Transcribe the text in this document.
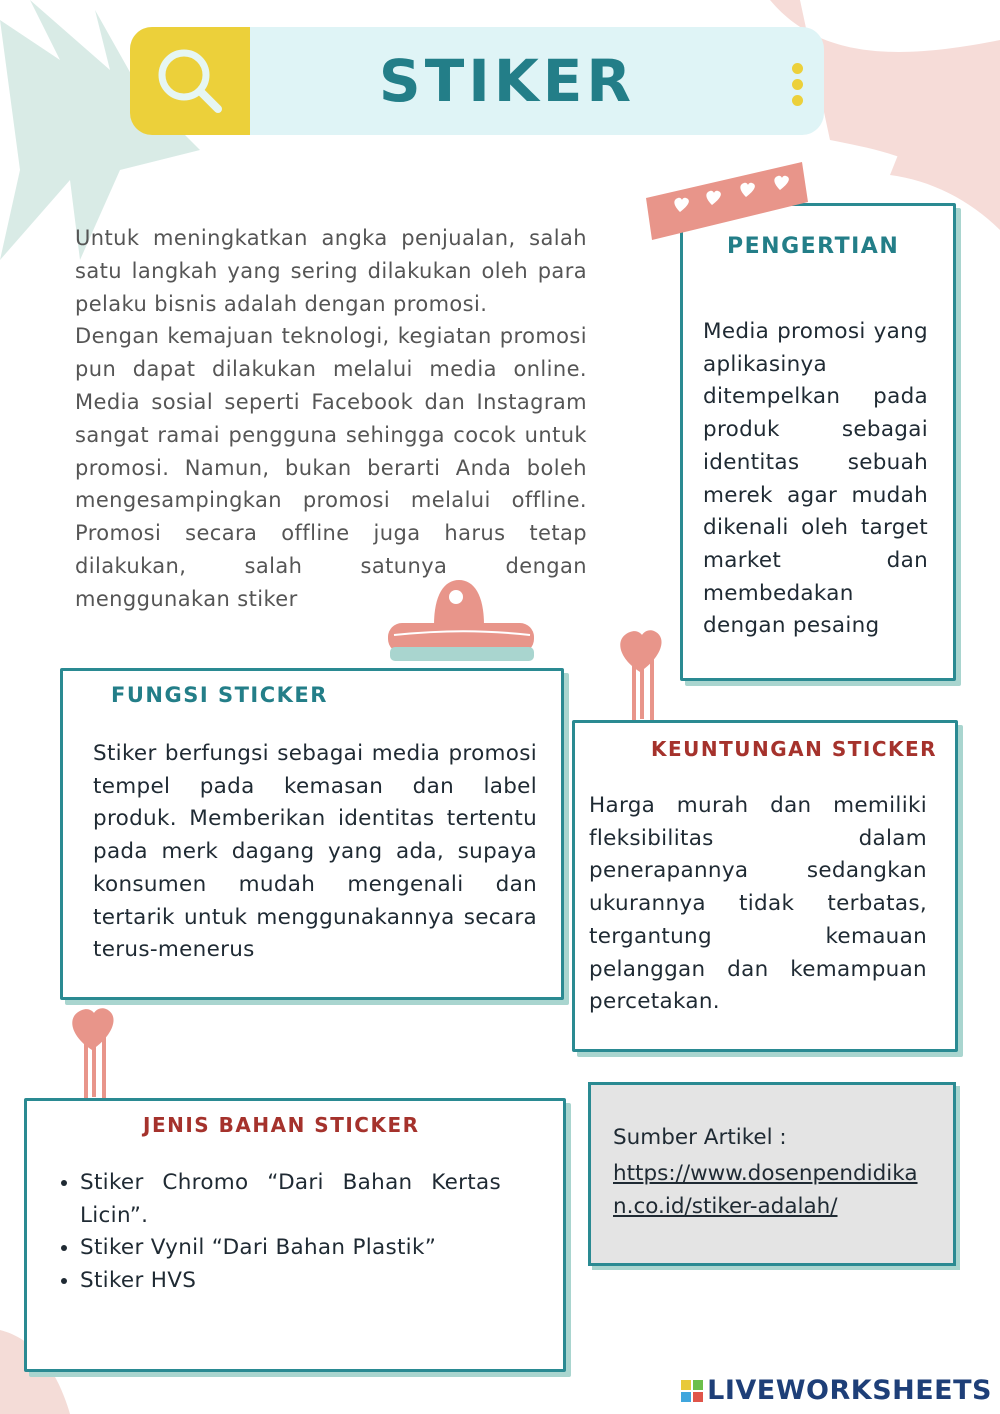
STIKER

Untuk meningkatkan angka penjualan, salah satu langkah yang sering dilakukan oleh para pelaku bisnis adalah dengan promosi.

Dengan kemajuan teknologi, kegiatan promosi pun dapat dilakukan melalui media online. Media sosial seperti Facebook dan Instagram sangat ramai pengguna sehingga cocok untuk promosi. Namun, bukan berarti Anda boleh mengesampingkan promosi melalui offline. Promosi secara offline juga harus tetap dilakukan, salah satunya dengan menggunakan stiker

PENGERTIAN
Media promosi yang aplikasinya ditempelkan pada produk sebagai identitas sebuah merek agar mudah dikenali oleh target market dan membedakan dengan pesaing
FUNGSI STICKER
Stiker berfungsi sebagai media promosi tempel pada kemasan dan label produk. Memberikan identitas tertentu pada merk dagang yang ada, supaya konsumen mudah mengenali dan tertarik untuk menggunakannya secara terus-menerus
KEUNTUNGAN STICKER
Harga murah dan memiliki fleksibilitas dalam penerapannya sedangkan ukurannya tidak terbatas, tergantung kemauan pelanggan dan kemampuan percetakan.
JENIS BAHAN STICKER
• Stiker Chromo “Dari Bahan Kertas Licin”.
• Stiker Vynil “Dari Bahan Plastik”
• Stiker HVS
Sumber Artikel :
https://www.dosenpendidikan.co.id/stiker-adalah/
LIVEWORKSHEETS
